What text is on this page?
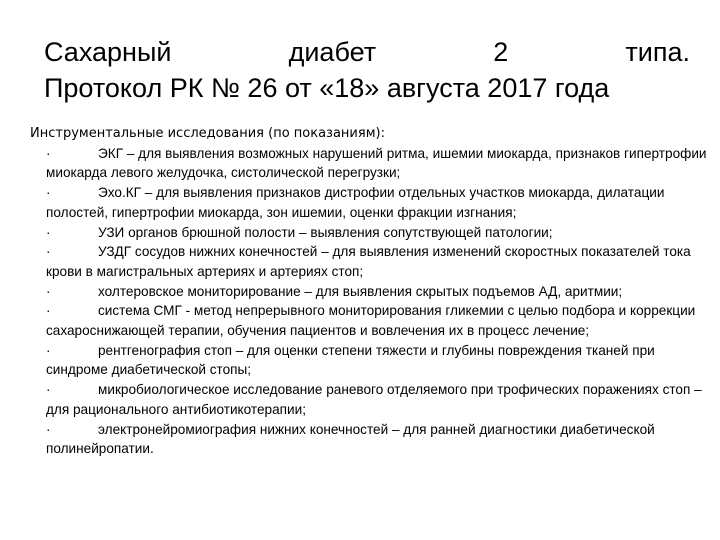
Сахарный	диабет	2	типа.
Протокол РК № 26 от «18» августа 2017 года
Инструментальные исследования (по показаниям):
·	ЭКГ – для выявления возможных нарушений ритма, ишемии миокарда, признаков гипертрофии миокарда левого желудочка, систолической перегрузки;
·	Эхо.КГ – для выявления признаков дистрофии отдельных участков миокарда, дилатации полостей, гипертрофии миокарда, зон ишемии, оценки фракции изгнания;
·	УЗИ органов брюшной полости – выявления сопутствующей патологии;
·	УЗДГ сосудов нижних конечностей – для выявления изменений скоростных показателей тока крови в магистральных артериях и артериях стоп;
·	холтеровское мониторирование – для выявления скрытых подъемов АД, аритмии;
·	система СМГ - метод непрерывного мониторирования гликемии с целью подбора и коррекции сахароснижающей терапии, обучения пациентов и вовлечения их в процесс лечение;
·	рентгенография стоп – для оценки степени тяжести и глубины повреждения тканей при синдроме диабетической стопы;
·	микробиологическое исследование раневого отделяемого при трофических поражениях стоп – для рационального антибиотикотерапии;
·	электронейромиография нижних конечностей – для ранней диагностики диабетической полинейропатии.
